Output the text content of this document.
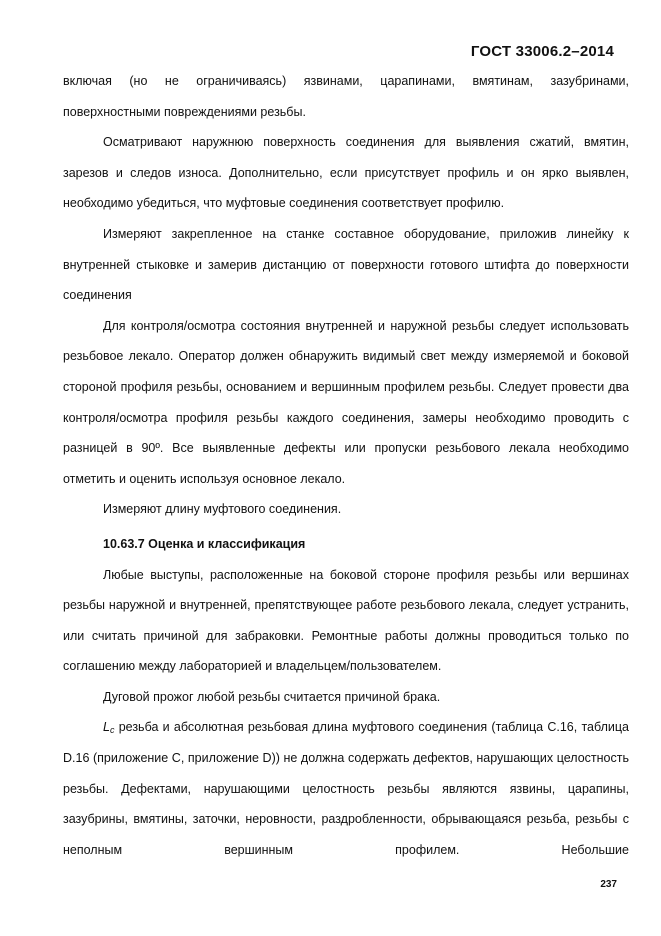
ГОСТ 33006.2–2014

включая (но не ограничиваясь) язвинами, царапинами, вмятинам, зазубринами, поверхностными повреждениями резьбы.

Осматривают наружнюю поверхность соединения для выявления сжатий, вмятин, зарезов и следов износа. Дополнительно, если присутствует профиль и он ярко выявлен, необходимо убедиться, что муфтовые соединения соответствует профилю.

Измеряют закрепленное на станке составное оборудование, приложив линейку к внутренней стыковке и замерив дистанцию от поверхности готового штифта до поверхности соединения

Для контроля/осмотра состояния внутренней и наружной резьбы следует использовать резьбовое лекало. Оператор должен обнаружить видимый свет между измеряемой и боковой стороной профиля резьбы, основанием и вершинным профилем резьбы. Следует провести два контроля/осмотра профиля резьбы каждого соединения, замеры необходимо проводить с разницей в 90º. Все выявленные дефекты или пропуски резьбового лекала необходимо отметить и оценить используя основное лекало.

Измеряют длину муфтового соединения.

10.63.7 Оценка и классификация

Любые выступы, расположенные на боковой стороне профиля резьбы или вершинах резьбы наружной и внутренней, препятствующее работе резьбового лекала, следует устранить, или считать причиной для забраковки. Ремонтные работы должны проводиться только по соглашению между лабораторией и владельцем/пользователем.

Дуговой прожог любой резьбы считается причиной брака.

$L_c$ резьба и абсолютная резьбовая длина муфтового соединения (таблица С.16, таблица D.16 (приложение С, приложение D)) не должна содержать дефектов, нарушающих целостность резьбы. Дефектами, нарушающими целостность резьбы являются язвины, царапины, зазубрины, вмятины, заточки, неровности, раздробленности, обрывающаяся резьба, резьбы с неполным вершинным профилем. Небольшие

237
